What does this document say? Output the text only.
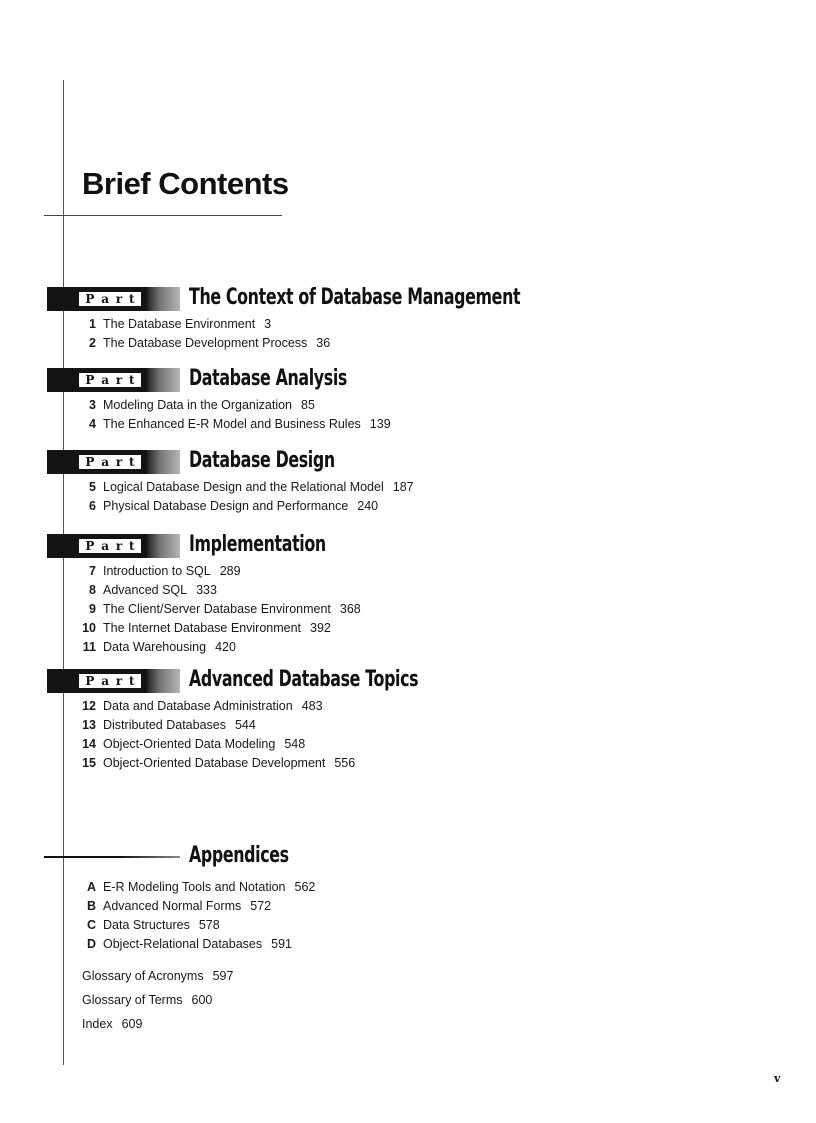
Brief Contents
P a r t The Context of Database Management
1 The Database Environment 3
2 The Database Development Process 36
P a r t Database Analysis
3 Modeling Data in the Organization 85
4 The Enhanced E-R Model and Business Rules 139
P a r t Database Design
5 Logical Database Design and the Relational Model 187
6 Physical Database Design and Performance 240
P a r t Implementation
7 Introduction to SQL 289
8 Advanced SQL 333
9 The Client/Server Database Environment 368
10 The Internet Database Environment 392
11 Data Warehousing 420
P a r t Advanced Database Topics
12 Data and Database Administration 483
13 Distributed Databases 544
14 Object-Oriented Data Modeling 548
15 Object-Oriented Database Development 556
Appendices
A E-R Modeling Tools and Notation 562
B Advanced Normal Forms 572
C Data Structures 578
D Object-Relational Databases 591
Glossary of Acronyms 597
Glossary of Terms 600
Index 609
v
